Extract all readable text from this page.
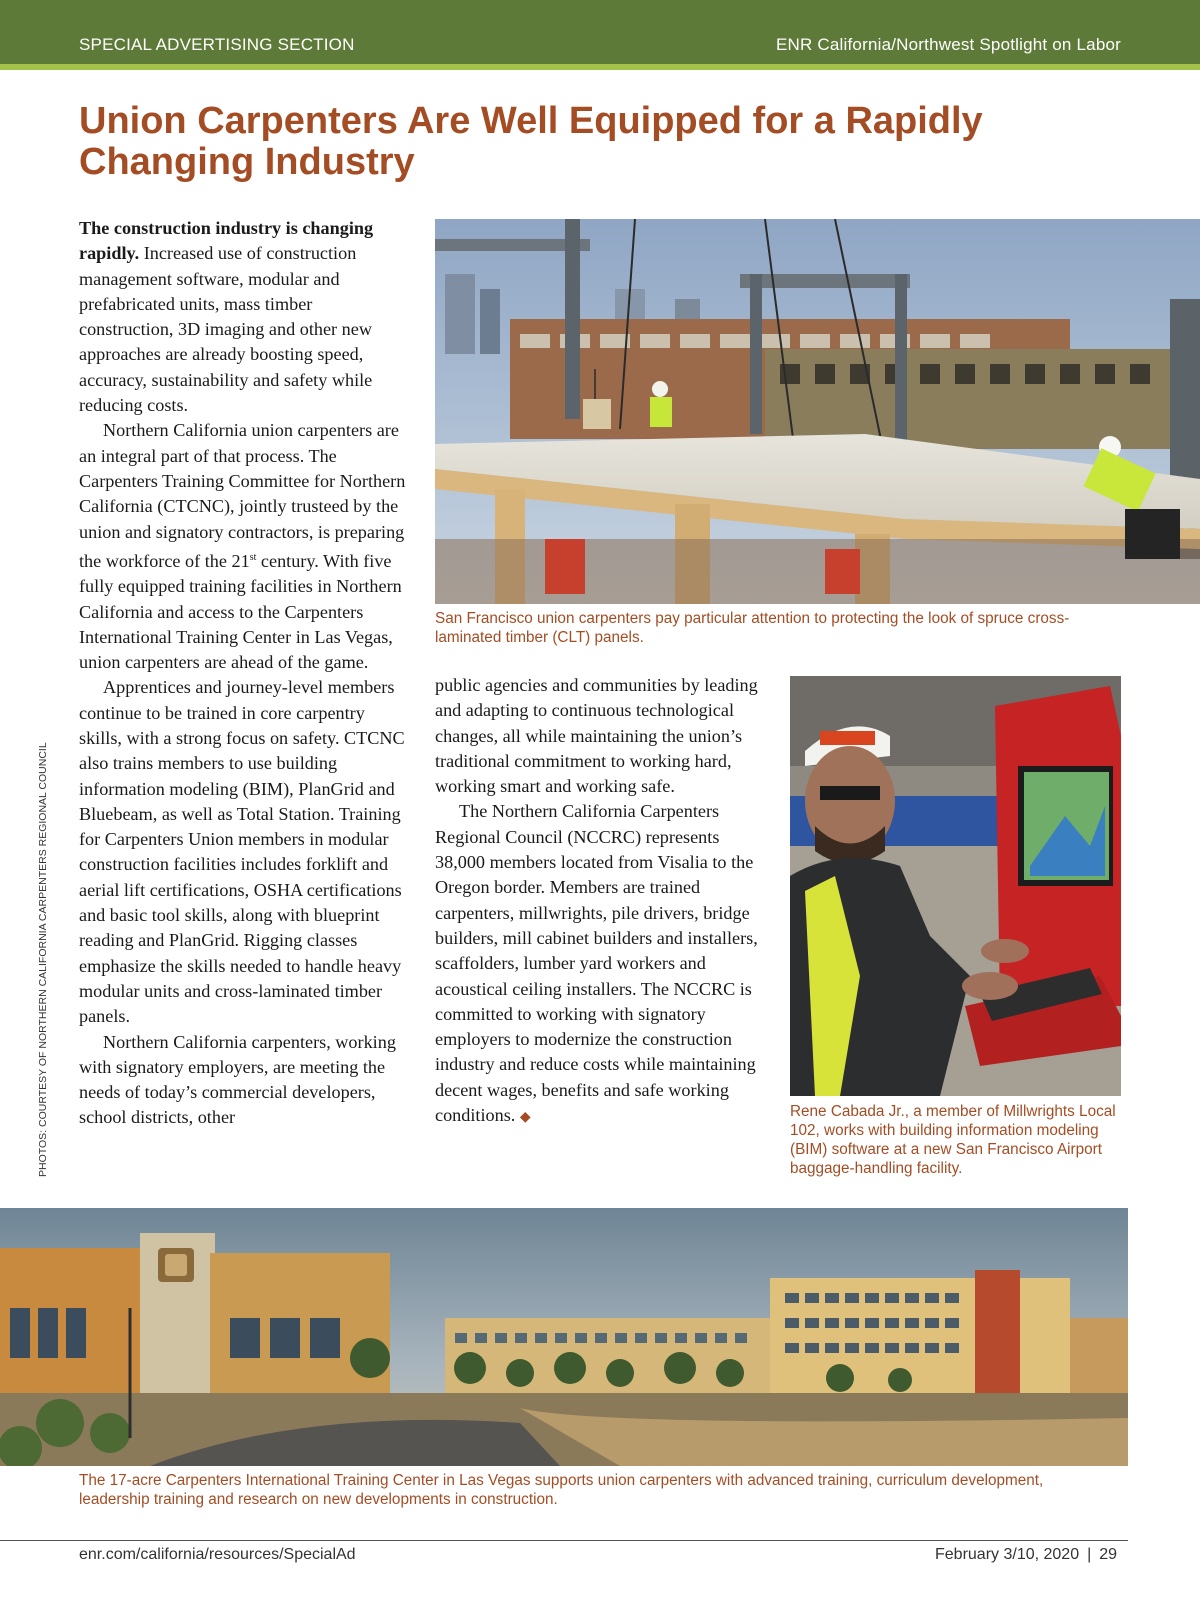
SPECIAL ADVERTISING SECTION	ENR California/Northwest Spotlight on Labor
Union Carpenters Are Well Equipped for a Rapidly
Changing Industry
PHOTOS: COURTESY OF NORTHERN CALIFORNIA CARPENTERS REGIONAL COUNCIL

The construction industry is changing rapidly. Increased use of construction management software, modular and prefabricated units, mass timber construction, 3D imaging and other new approaches are already boosting speed, accuracy, sustainability and safety while reducing costs.

Northern California union carpenters are an integral part of that process. The Carpenters Training Committee for Northern California (CTCNC), jointly trusteed by the union and signatory contractors, is preparing the workforce of the 21st century. With five fully equipped training facilities in Northern California and access to the Carpenters International Training Center in Las Vegas, union carpenters are ahead of the game.

Apprentices and journey-level members continue to be trained in core carpentry skills, with a strong focus on safety. CTCNC also trains members to use building information modeling (BIM), PlanGrid and Bluebeam, as well as Total Station. Training for Carpenters Union members in modular construction facilities includes forklift and aerial lift certifications, OSHA certifications and basic tool skills, along with blueprint reading and PlanGrid. Rigging classes emphasize the skills needed to handle heavy modular units and cross-laminated timber panels.

Northern California carpenters, working with signatory employers, are meeting the needs of today’s commercial developers, school districts, other

San Francisco union carpenters pay particular attention to protecting the look of spruce cross-laminated timber (CLT) panels.

public agencies and communities by leading and adapting to continuous technological changes, all while maintaining the union’s traditional commitment to working hard, working smart and working safe.

The Northern California Carpenters Regional Council (NCCRC) represents 38,000 members located from Visalia to the Oregon border. Members are trained carpenters, millwrights, pile drivers, bridge builders, mill cabinet builders and installers, scaffolders, lumber yard workers and acoustical ceiling installers. The NCCRC is committed to working with signatory employers to modernize the construction industry and reduce costs while maintaining decent wages, benefits and safe working conditions. ◆	Rene Cabada Jr., a member of Millwrights Local 102, works with building information modeling (BIM) software at a new San Francisco Airport baggage-handling facility.
The 17-acre Carpenters International Training Center in Las Vegas supports union carpenters with advanced training, curriculum development, leadership training and research on new developments in construction.
enr.com/california/resources/SpecialAd	February 3/10, 2020 | 29
